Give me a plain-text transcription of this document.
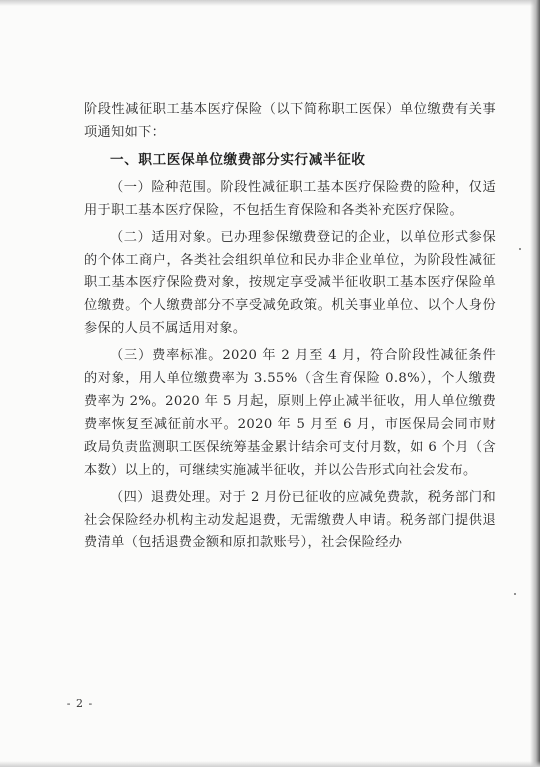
阶段性减征职工基本医疗保险（以下简称职工医保）单位缴费有关事项通知如下：

一、职工医保单位缴费部分实行减半征收

（一）险种范围。阶段性减征职工基本医疗保险费的险种，仅适用于职工基本医疗保险，不包括生育保险和各类补充医疗保险。

（二）适用对象。已办理参保缴费登记的企业，以单位形式参保的个体工商户，各类社会组织单位和民办非企业单位，为阶段性减征职工基本医疗保险费对象，按规定享受减半征收职工基本医疗保险单位缴费。个人缴费部分不享受减免政策。机关事业单位、以个人身份参保的人员不属适用对象。

（三）费率标准。2020 年 2 月至 4 月，符合阶段性减征条件的对象，用人单位缴费率为 3.55%（含生育保险 0.8%），个人缴费费率为 2%。2020 年 5 月起，原则上停止减半征收，用人单位缴费费率恢复至减征前水平。2020 年 5 月至 6 月，市医保局会同市财政局负责监测职工医保统筹基金累计结余可支付月数，如 6 个月（含本数）以上的，可继续实施减半征收，并以公告形式向社会发布。

（四）退费处理。对于 2 月份已征收的应减免费款，税务部门和社会保险经办机构主动发起退费，无需缴费人申请。税务部门提供退费清单（包括退费金额和原扣款账号），社会保险经办

- 2 -
